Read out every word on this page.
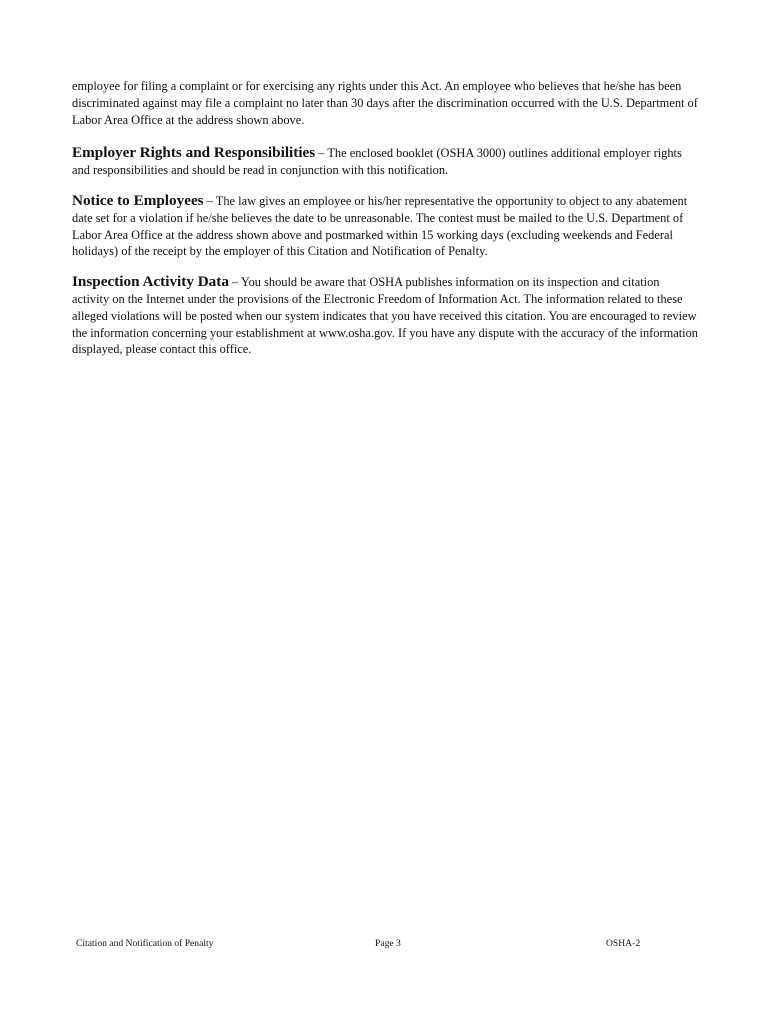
employee for filing a complaint or for exercising any rights under this Act. An employee who believes that he/she has been discriminated against may file a complaint no later than 30 days after the discrimination occurred with the U.S. Department of Labor Area Office at the address shown above.

Employer Rights and Responsibilities – The enclosed booklet (OSHA 3000) outlines additional employer rights and responsibilities and should be read in conjunction with this notification.

Notice to Employees – The law gives an employee or his/her representative the opportunity to object to any abatement date set for a violation if he/she believes the date to be unreasonable. The contest must be mailed to the U.S. Department of Labor Area Office at the address shown above and postmarked within 15 working days (excluding weekends and Federal holidays) of the receipt by the employer of this Citation and Notification of Penalty.

Inspection Activity Data – You should be aware that OSHA publishes information on its inspection and citation activity on the Internet under the provisions of the Electronic Freedom of Information Act. The information related to these alleged violations will be posted when our system indicates that you have received this citation. You are encouraged to review the information concerning your establishment at www.osha.gov. If you have any dispute with the accuracy of the information displayed, please contact this office.

Citation and Notification of Penalty	Page 3	OSHA-2
